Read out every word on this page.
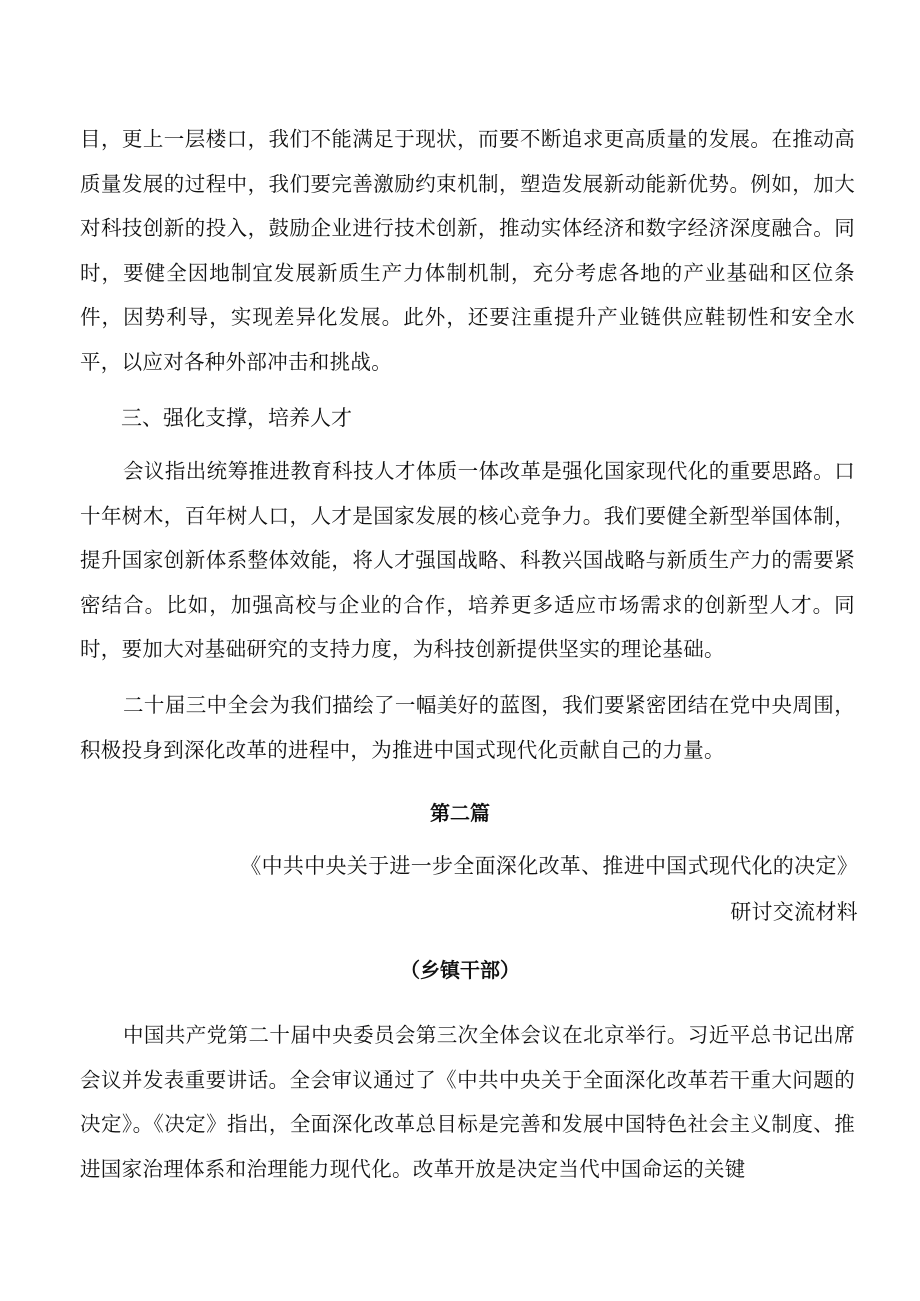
目，更上一层楼口，我们不能满足于现状，而要不断追求更高质量的发展。在推动高质量发展的过程中，我们要完善激励约束机制，塑造发展新动能新优势。例如，加大对科技创新的投入，鼓励企业进行技术创新，推动实体经济和数字经济深度融合。同时，要健全因地制宜发展新质生产力体制机制，充分考虑各地的产业基础和区位条件，因势利导，实现差异化发展。此外，还要注重提升产业链供应鞋韧性和安全水平，以应对各种外部冲击和挑战。

三、强化支撑，培养人才

会议指出统筹推进教育科技人才体质一体改革是强化国家现代化的重要思路。口十年树木，百年树人口，人才是国家发展的核心竞争力。我们要健全新型举国体制，提升国家创新体系整体效能，将人才强国战略、科教兴国战略与新质生产力的需要紧密结合。比如，加强高校与企业的合作，培养更多适应市场需求的创新型人才。同时，要加大对基础研究的支持力度，为科技创新提供坚实的理论基础。

二十届三中全会为我们描绘了一幅美好的蓝图，我们要紧密团结在党中央周围，积极投身到深化改革的进程中，为推进中国式现代化贡献自己的力量。

第二篇
《中共中央关于进一步全面深化改革、推进中国式现代化的决定》
研讨交流材料
（乡镇干部）

中国共产党第二十届中央委员会第三次全体会议在北京举行。习近平总书记出席会议并发表重要讲话。全会审议通过了《中共中央关于全面深化改革若干重大问题的决定》。《决定》指出，全面深化改革总目标是完善和发展中国特色社会主义制度、推进国家治理体系和治理能力现代化。改革开放是决定当代中国命运的关键
